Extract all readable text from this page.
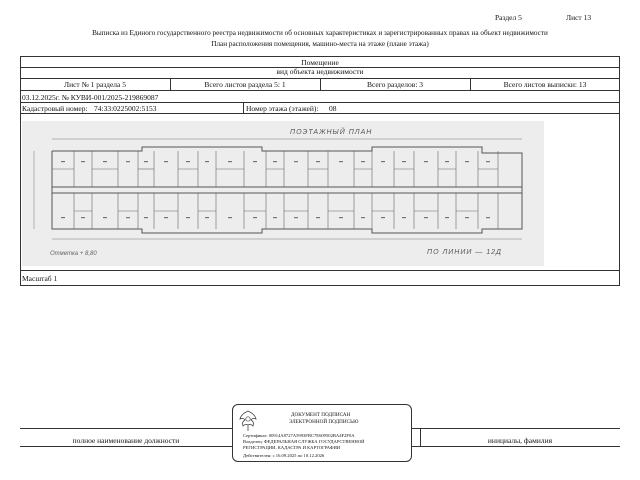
Раздел 5	Лист 13
Выписка из Единого государственного реестра недвижимости об основных характеристиках и зарегистрированных правах на объект недвижимости
План расположения помещения, машино-места на этаже (плане этажа)
Помещение
вид объекта недвижимости
Лист № 1 раздела 5	Всего листов раздела 5: 1	Всего разделов: 3	Всего листов выписки: 13
03.12.2025г. № КУВИ-001/2025-219869087
Кадастровый номер: 74:33:0225002:5153	Номер этажа (этажей): 08
ПОЭТАЖНЫЙ ПЛАН
ПО ЛИНИИ — 12Д
Отметка + 8,80
Масштаб 1
полное наименование должности	инициалы, фамилия
ДОКУМЕНТ ПОДПИСАН
ЭЛЕКТРОННОЙ ПОДПИСЬЮ
Сертификат: 00914A8727A5993FBC7E609502BA4F2F0A
Владелец: ФЕДЕРАЛЬНАЯ СЛУЖБА ГОСУДАРСТВЕННОЙ
РЕГИСТРАЦИИ, КАДАСТРА И КАРТОГРАФИИ
Действителен: с 16.09.2025 по 10.12.2026
